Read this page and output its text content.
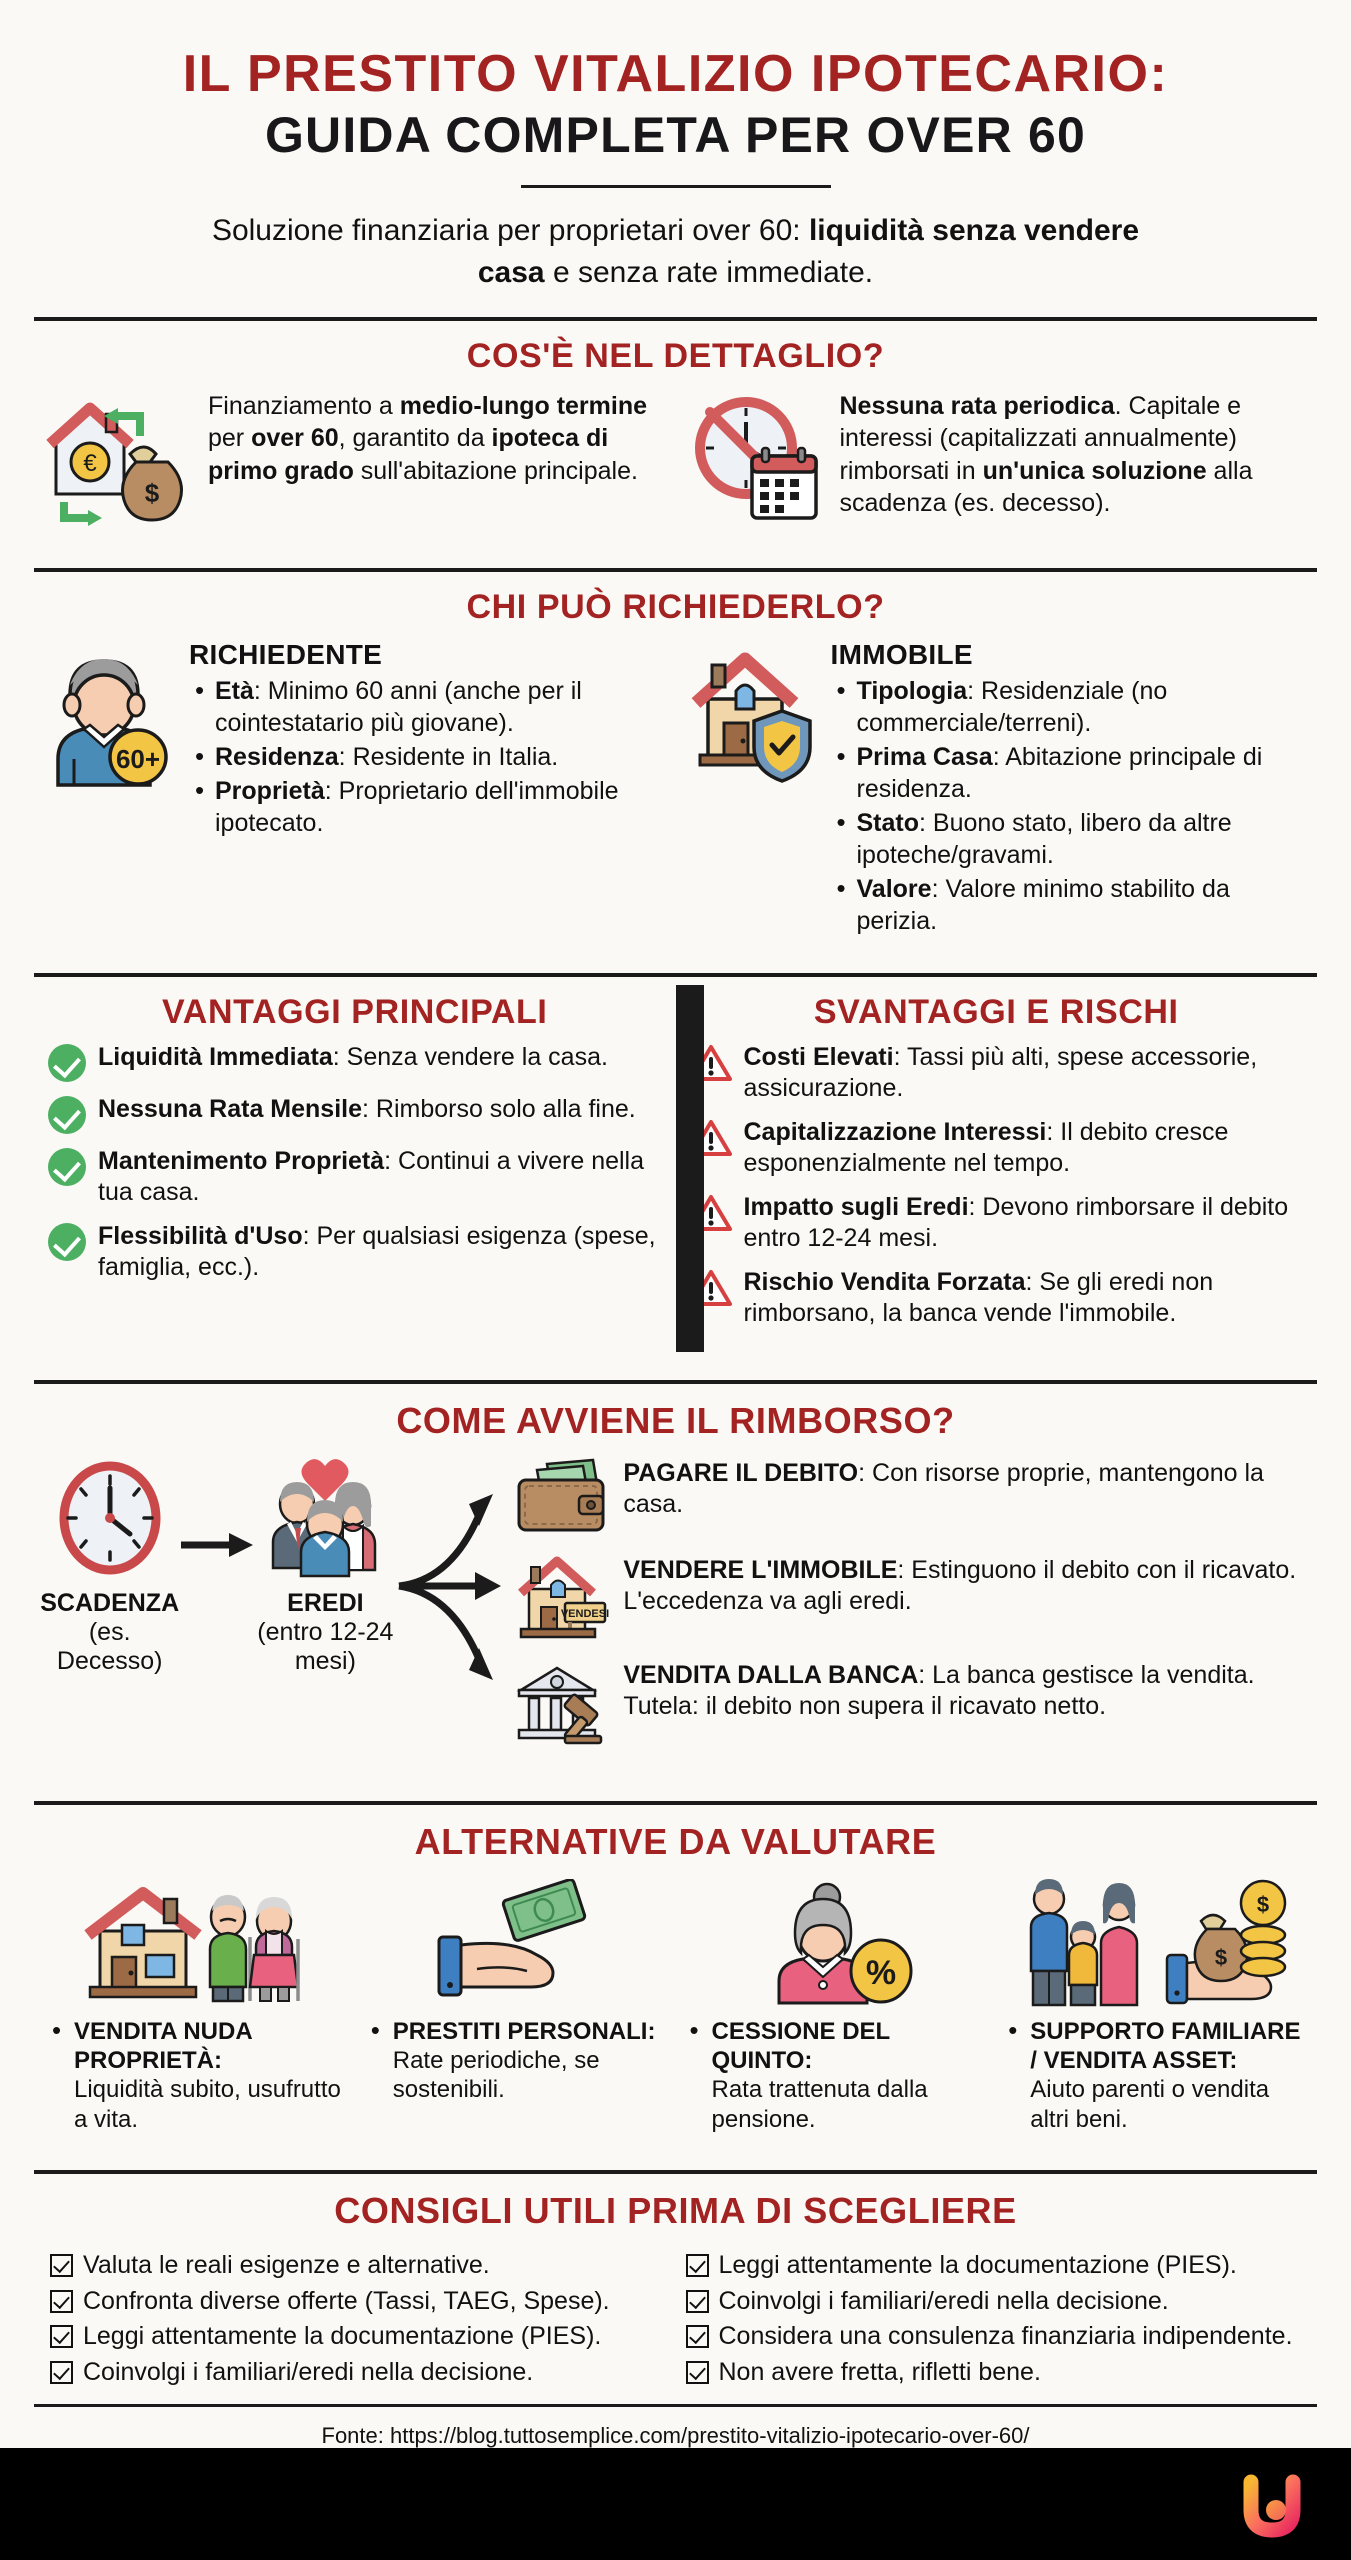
IL PRESTITO VITALIZIO IPOTECARIO:
GUIDA COMPLETA PER OVER 60
Soluzione finanziaria per proprietari over 60: liquidità senza vendere casa e senza rate immediate.
COS'È NEL DETTAGLIO?
€
$
Finanziamento a medio-lungo termine per over 60, garantito da ipoteca di primo grado sull'abitazione principale.
Nessuna rata periodica. Capitale e interessi (capitalizzati annualmente) rimborsati in un'unica soluzione alla scadenza (es. decesso).
CHI PUÒ RICHIEDERLO?
60+
RICHIEDENTE
• Età: Minimo 60 anni (anche per il cointestatario più giovane).
• Residenza: Residente in Italia.
• Proprietà: Proprietario dell'immobile ipotecato.
IMMOBILE
• Tipologia: Residenziale (no commerciale/terreni).
• Prima Casa: Abitazione principale di residenza.
• Stato: Buono stato, libero da altre ipoteche/gravami.
• Valore: Valore minimo stabilito da perizia.
VANTAGGI PRINCIPALI
Liquidità Immediata: Senza vendere la casa.
Nessuna Rata Mensile: Rimborso solo alla fine.
Mantenimento Proprietà: Continui a vivere nella tua casa.
Flessibilità d'Uso: Per qualsiasi esigenza (spese, famiglia, ecc.).
SVANTAGGI E RISCHI
Costi Elevati: Tassi più alti, spese accessorie, assicurazione.
Capitalizzazione Interessi: Il debito cresce esponenzialmente nel tempo.
Impatto sugli Eredi: Devono rimborsare il debito entro 12-24 mesi.
Rischio Vendita Forzata: Se gli eredi non rimborsano, la banca vende l'immobile.
COME AVVIENE IL RIMBORSO?
SCADENZA
(es. Decesso)
EREDI
(entro 12-24 mesi)
PAGARE IL DEBITO: Con risorse proprie, mantengono la casa.
VENDESI
VENDERE L'IMMOBILE: Estinguono il debito con il ricavato. L'eccedenza va agli eredi.
VENDITA DALLA BANCA: La banca gestisce la vendita. Tutela: il debito non supera il ricavato netto.
ALTERNATIVE DA VALUTARE
• VENDITA NUDA PROPRIETÀ:
Liquidità subito, usufrutto a vita.
• PRESTITI PERSONALI:
Rate periodiche, se sostenibili.
%
• CESSIONE DEL QUINTO:
Rata trattenuta dalla pensione.
$
$
• SUPPORTO FAMILIARE / VENDITA ASSET:
Aiuto parenti o vendita altri beni.
CONSIGLI UTILI PRIMA DI SCEGLIERE
Valuta le reali esigenze e alternative.
Confronta diverse offerte (Tassi, TAEG, Spese).
Leggi attentamente la documentazione (PIES).
Coinvolgi i familiari/eredi nella decisione.
Leggi attentamente la documentazione (PIES).
Coinvolgi i familiari/eredi nella decisione.
Considera una consulenza finanziaria indipendente.
Non avere fretta, rifletti bene.
Fonte: https://blog.tuttosemplice.com/prestito-vitalizio-ipotecario-over-60/
